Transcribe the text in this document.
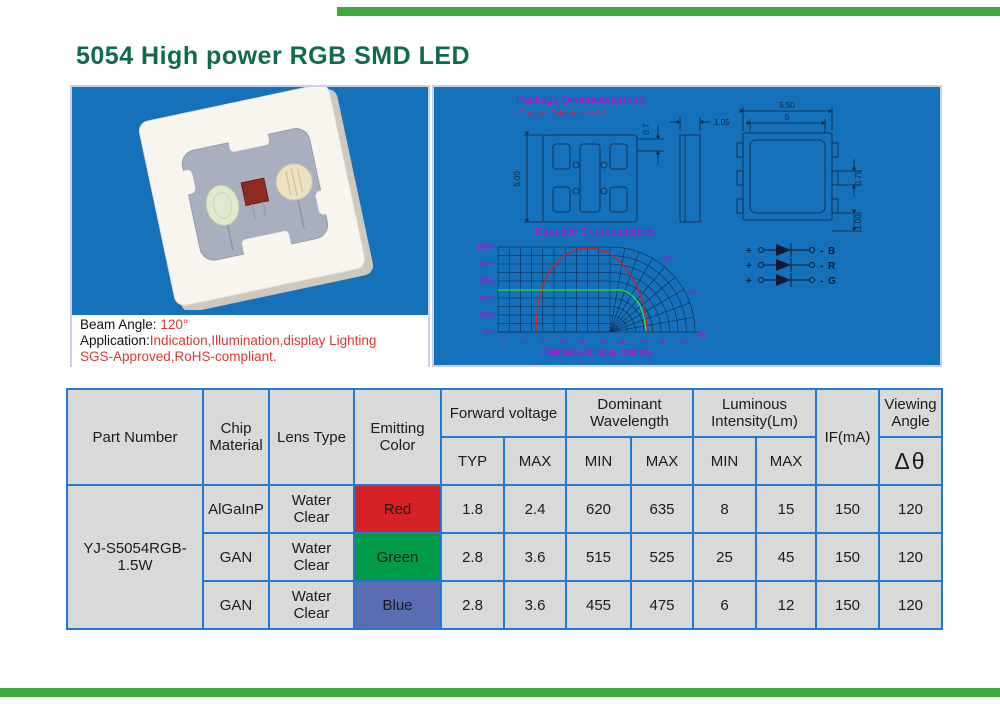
5054 High power RGB SMD LED
Beam Angle: 120°
Application:Indication,Illumination,display Lighting
SGS-Approved,RoHS-compliant.
Package Dimensions(mm)
General Tolerance ±0.2
5.00
0.7
1.05
5.50
5
0.75
1.00
Directive Characteristics
100%
80%
60%
40%
20%
0%
0° 10° 20° 30° 40° 50° 60° 70° 80° 90°
0°
30°
60°
90°
Relative Luminous Intensity
+	- B
+	- R
+	- G
Part Number	Chip Material	Lens Type	Emitting Color	Forward voltage		Dominant Wavelength		Luminous Intensity(Lm)		IF(mA)	Viewing Angle
				TYP	MAX	MIN	MAX	MIN	MAX		Δθ
YJ-S5054RGB-1.5W	AlGaInP	Water Clear	Red	1.8	2.4	620	635	8	15	150	120
	GAN	Water Clear	Green	2.8	3.6	515	525	25	45	150	120
	GAN	Water Clear	Blue	2.8	3.6	455	475	6	12	150	120
